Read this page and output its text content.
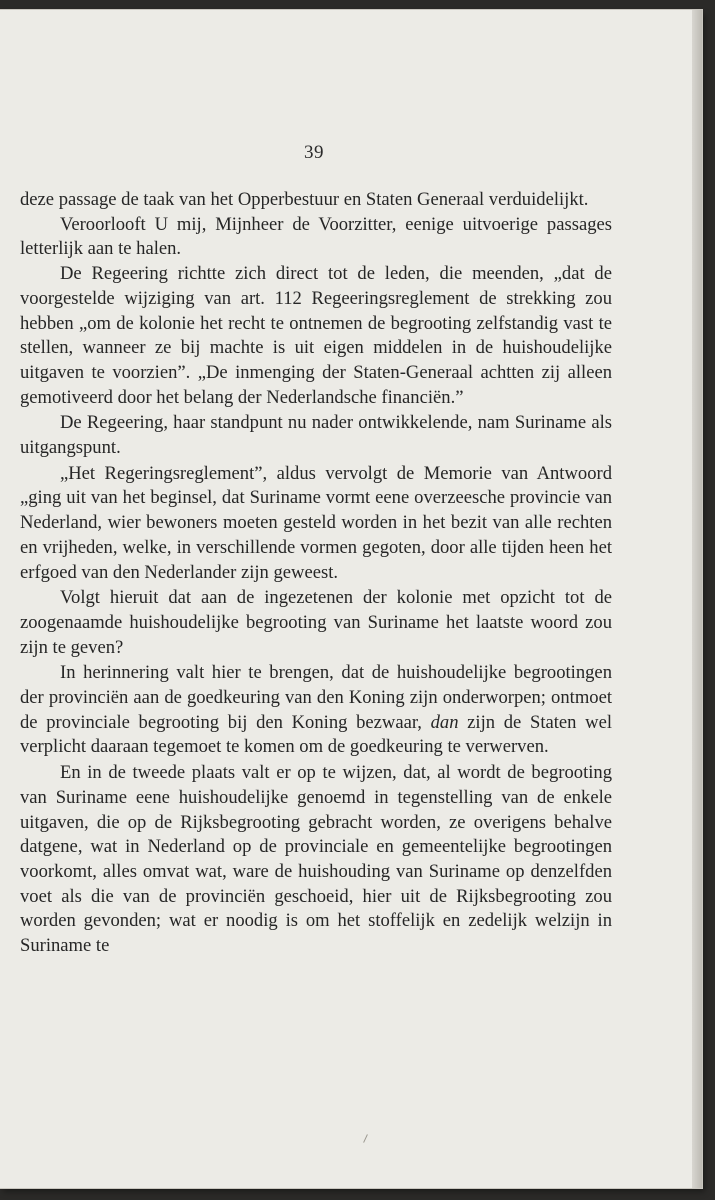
39

deze passage de taak van het Opperbestuur en Staten Generaal verduidelijkt.

Veroorlooft U mij, Mijnheer de Voorzitter, eenige uitvoerige passages letterlijk aan te halen.

De Regeering richtte zich direct tot de leden, die meenden, „dat de voorgestelde wijziging van art. 112 Regeeringsreglement de strekking zou hebben „om de kolonie het recht te ontnemen de begrooting zelfstandig vast te stellen, wanneer ze bij machte is uit eigen middelen in de huishoudelijke uitgaven te voorzien”. „De inmenging der Staten-Generaal achtten zij alleen gemotiveerd door het belang der Nederlandsche financiën.”

De Regeering, haar standpunt nu nader ontwikkelende, nam Suriname als uitgangspunt.

„Het Regeringsreglement”, aldus vervolgt de Memorie van Antwoord „ging uit van het beginsel, dat Suriname vormt eene overzeesche provincie van Nederland, wier bewoners moeten gesteld worden in het bezit van alle rechten en vrijheden, welke, in verschillende vormen gegoten, door alle tijden heen het erfgoed van den Nederlander zijn geweest.

Volgt hieruit dat aan de ingezetenen der kolonie met opzicht tot de zoogenaamde huishoudelijke begrooting van Suriname het laatste woord zou zijn te geven?

In herinnering valt hier te brengen, dat de huishoudelijke begrootingen der provinciën aan de goedkeuring van den Koning zijn onderworpen; ontmoet de provinciale begrooting bij den Koning bezwaar, dan zijn de Staten wel verplicht daaraan tegemoet te komen om de goedkeuring te verwerven.

En in de tweede plaats valt er op te wijzen, dat, al wordt de begrooting van Suriname eene huishoudelijke genoemd in tegenstelling van de enkele uitgaven, die op de Rijksbegrooting gebracht worden, ze overigens behalve datgene, wat in Nederland op de provinciale en gemeentelijke begrootingen voorkomt, alles omvat wat, ware de huishouding van Suriname op denzelfden voet als die van de provinciën geschoeid, hier uit de Rijksbegrooting zou worden gevonden; wat er noodig is om het stoffelijk en zedelijk welzijn in Suriname te
